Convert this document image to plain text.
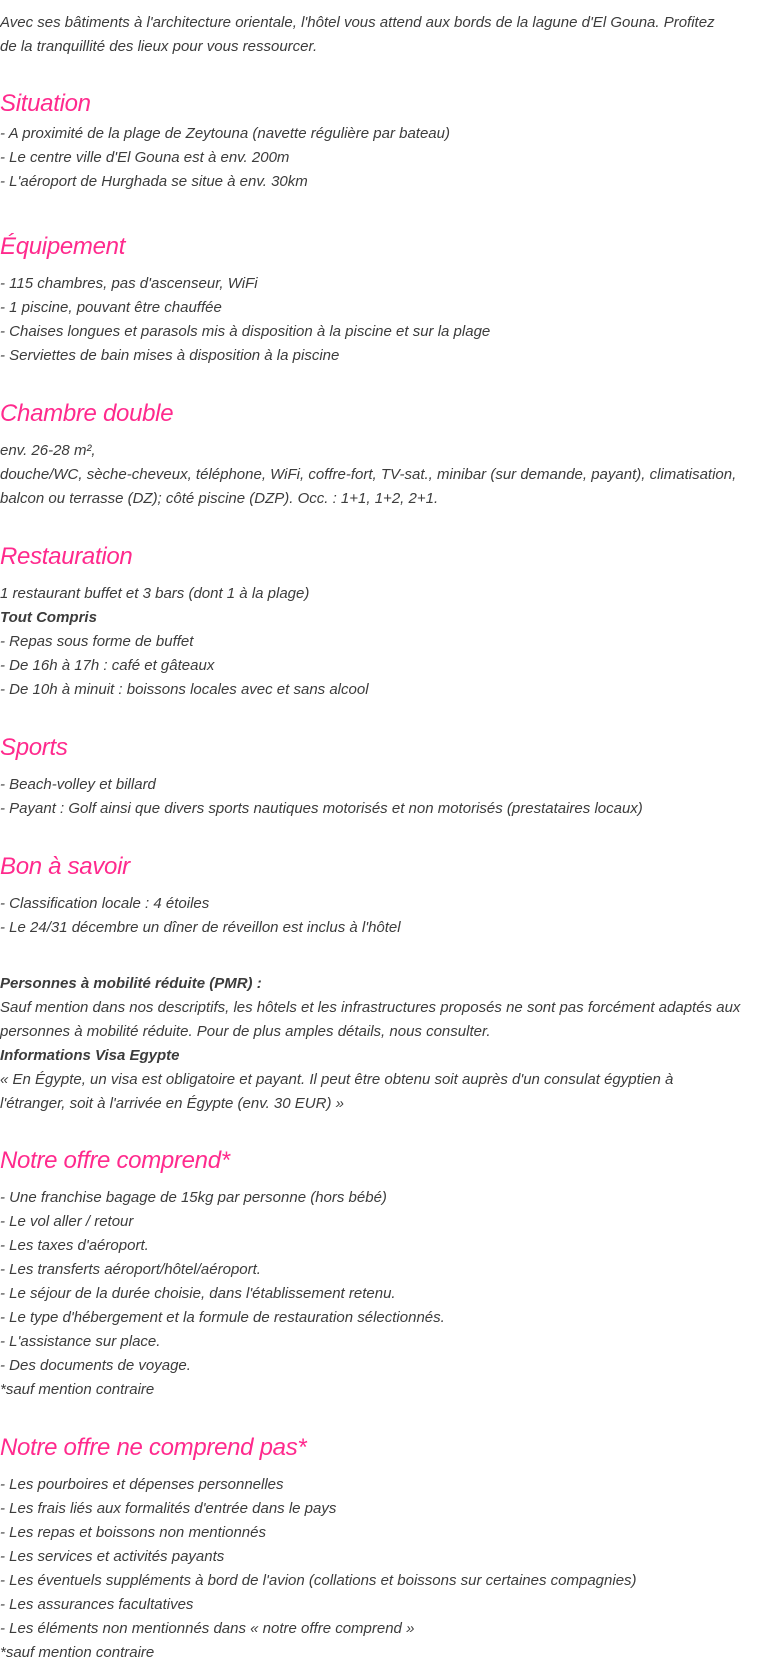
Avec ses bâtiments à l'architecture orientale, l'hôtel vous attend aux bords de la lagune d'El Gouna. Profitez de la tranquillité des lieux pour vous ressourcer.

Situation
- A proximité de la plage de Zeytouna (navette régulière par bateau)
- Le centre ville d'El Gouna est à env. 200m
- L'aéroport de Hurghada se situe à env. 30km
Équipement
- 115 chambres, pas d'ascenseur, WiFi
- 1 piscine, pouvant être chauffée
- Chaises longues et parasols mis à disposition à la piscine et sur la plage
- Serviettes de bain mises à disposition à la piscine
Chambre double
env. 26-28 m²,
douche/WC, sèche-cheveux, téléphone, WiFi, coffre-fort, TV-sat., minibar (sur demande, payant), climatisation, balcon ou terrasse (DZ); côté piscine (DZP). Occ. : 1+1, 1+2, 2+1.
Restauration
1 restaurant buffet et 3 bars (dont 1 à la plage)
Tout Compris
- Repas sous forme de buffet
- De 16h à 17h : café et gâteaux
- De 10h à minuit : boissons locales avec et sans alcool
Sports
- Beach-volley et billard
- Payant : Golf ainsi que divers sports nautiques motorisés et non motorisés (prestataires locaux)
Bon à savoir
- Classification locale : 4 étoiles
- Le 24/31 décembre un dîner de réveillon est inclus à l'hôtel
Personnes à mobilité réduite (PMR) :
Sauf mention dans nos descriptifs, les hôtels et les infrastructures proposés ne sont pas forcément adaptés aux personnes à mobilité réduite. Pour de plus amples détails, nous consulter.
Informations Visa Egypte
« En Égypte, un visa est obligatoire et payant. Il peut être obtenu soit auprès d'un consulat égyptien à l'étranger, soit à l'arrivée en Égypte (env. 30 EUR) »
Notre offre comprend*
- Une franchise bagage de 15kg par personne (hors bébé)
- Le vol aller / retour
- Les taxes d'aéroport.
- Les transferts aéroport/hôtel/aéroport.
- Le séjour de la durée choisie, dans l'établissement retenu.
- Le type d'hébergement et la formule de restauration sélectionnés.
- L'assistance sur place.
- Des documents de voyage.
*sauf mention contraire
Notre offre ne comprend pas*
- Les pourboires et dépenses personnelles
- Les frais liés aux formalités d'entrée dans le pays
- Les repas et boissons non mentionnés
- Les services et activités payants
- Les éventuels suppléments à bord de l'avion (collations et boissons sur certaines compagnies)
- Les assurances facultatives
- Les éléments non mentionnés dans « notre offre comprend »
*sauf mention contraire
